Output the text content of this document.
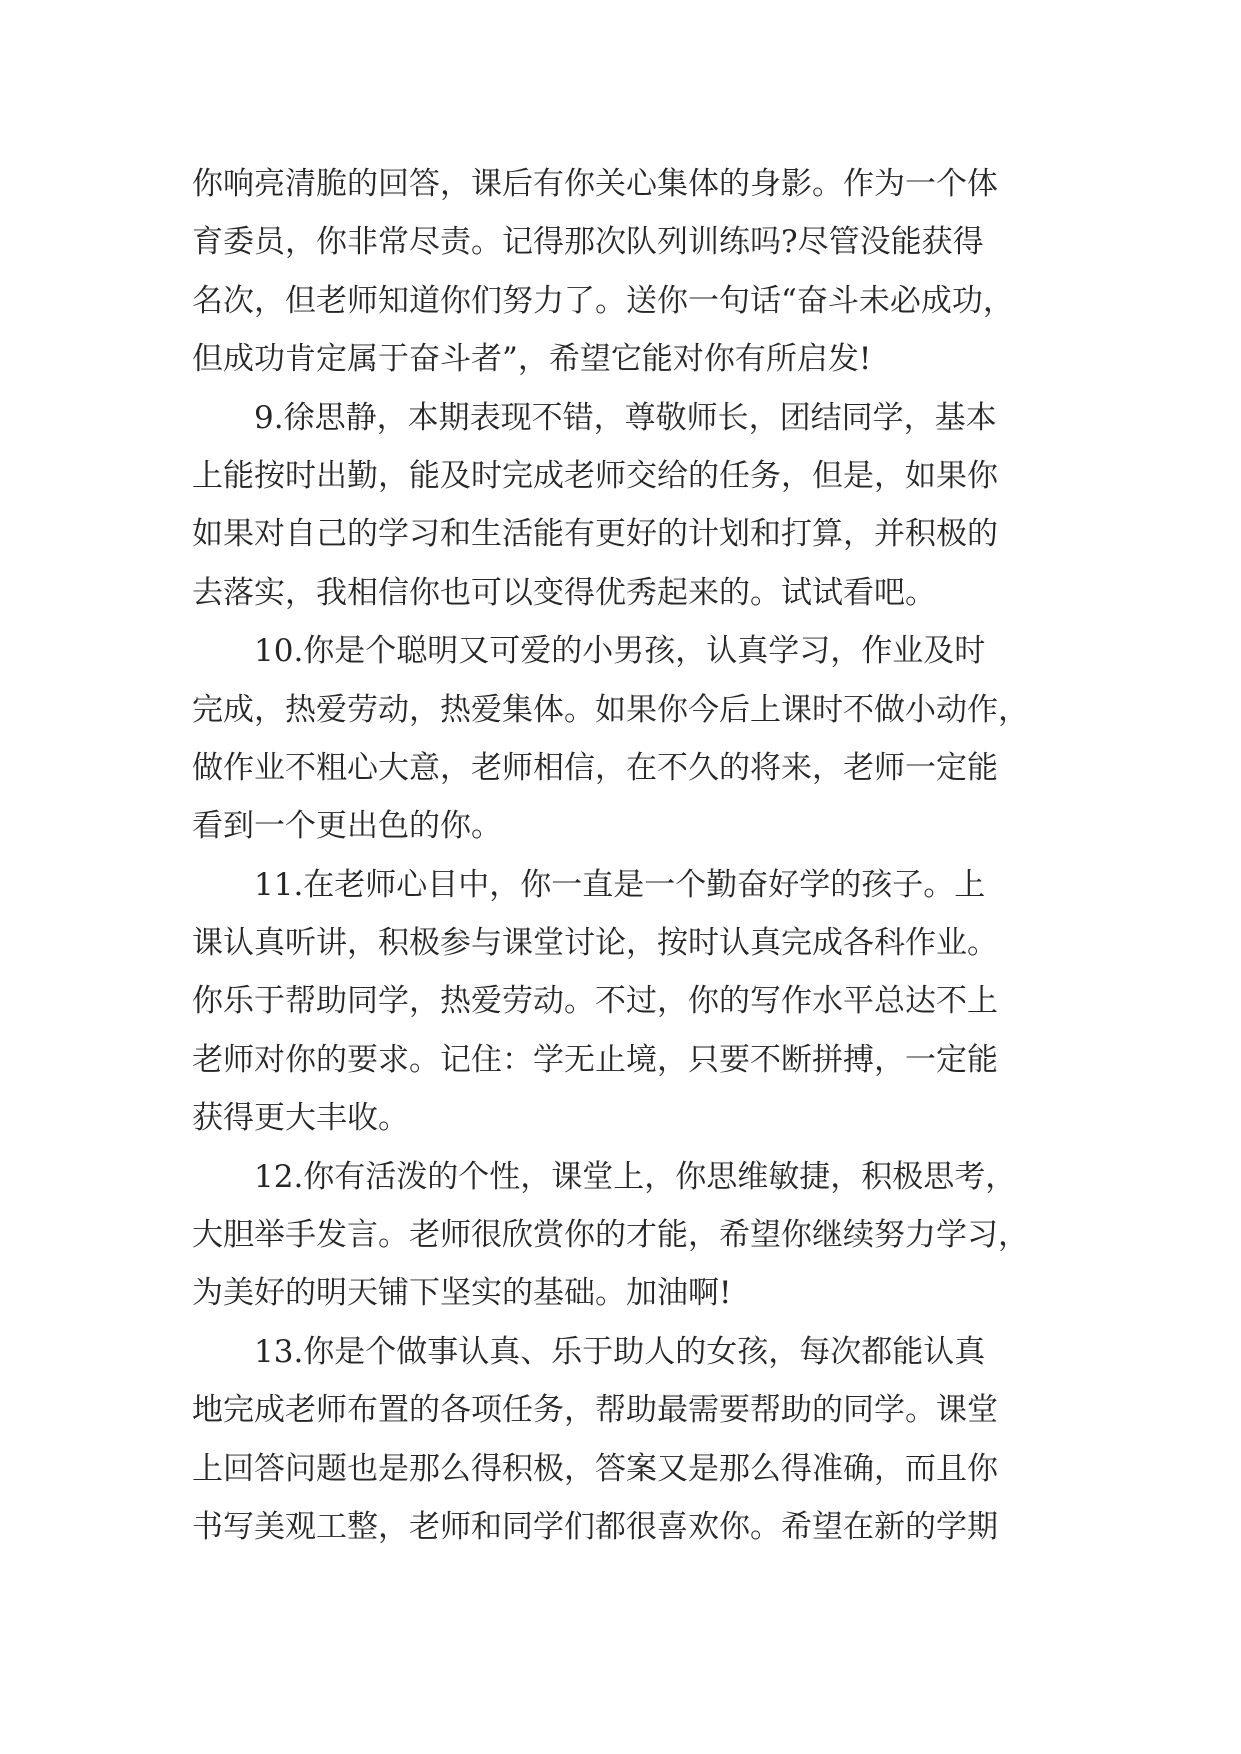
你响亮清脆的回答，课后有你关心集体的身影。作为一个体
育委员，你非常尽责。记得那次队列训练吗?尽管没能获得
名次，但老师知道你们努力了。送你一句话“奋斗未必成功，
但成功肯定属于奋斗者”，希望它能对你有所启发!
9.徐思静，本期表现不错，尊敬师长，团结同学，基本
上能按时出勤，能及时完成老师交给的任务，但是，如果你
如果对自己的学习和生活能有更好的计划和打算，并积极的
去落实，我相信你也可以变得优秀起来的。试试看吧。
10.你是个聪明又可爱的小男孩，认真学习，作业及时
完成，热爱劳动，热爱集体。如果你今后上课时不做小动作，
做作业不粗心大意，老师相信，在不久的将来，老师一定能
看到一个更出色的你。
11.在老师心目中，你一直是一个勤奋好学的孩子。上
课认真听讲，积极参与课堂讨论，按时认真完成各科作业。
你乐于帮助同学，热爱劳动。不过，你的写作水平总达不上
老师对你的要求。记住：学无止境，只要不断拼搏，一定能
获得更大丰收。
12.你有活泼的个性，课堂上，你思维敏捷，积极思考，
大胆举手发言。老师很欣赏你的才能，希望你继续努力学习，
为美好的明天铺下坚实的基础。加油啊!
13.你是个做事认真、乐于助人的女孩，每次都能认真
地完成老师布置的各项任务，帮助最需要帮助的同学。课堂
上回答问题也是那么得积极，答案又是那么得准确，而且你
书写美观工整，老师和同学们都很喜欢你。希望在新的学期
